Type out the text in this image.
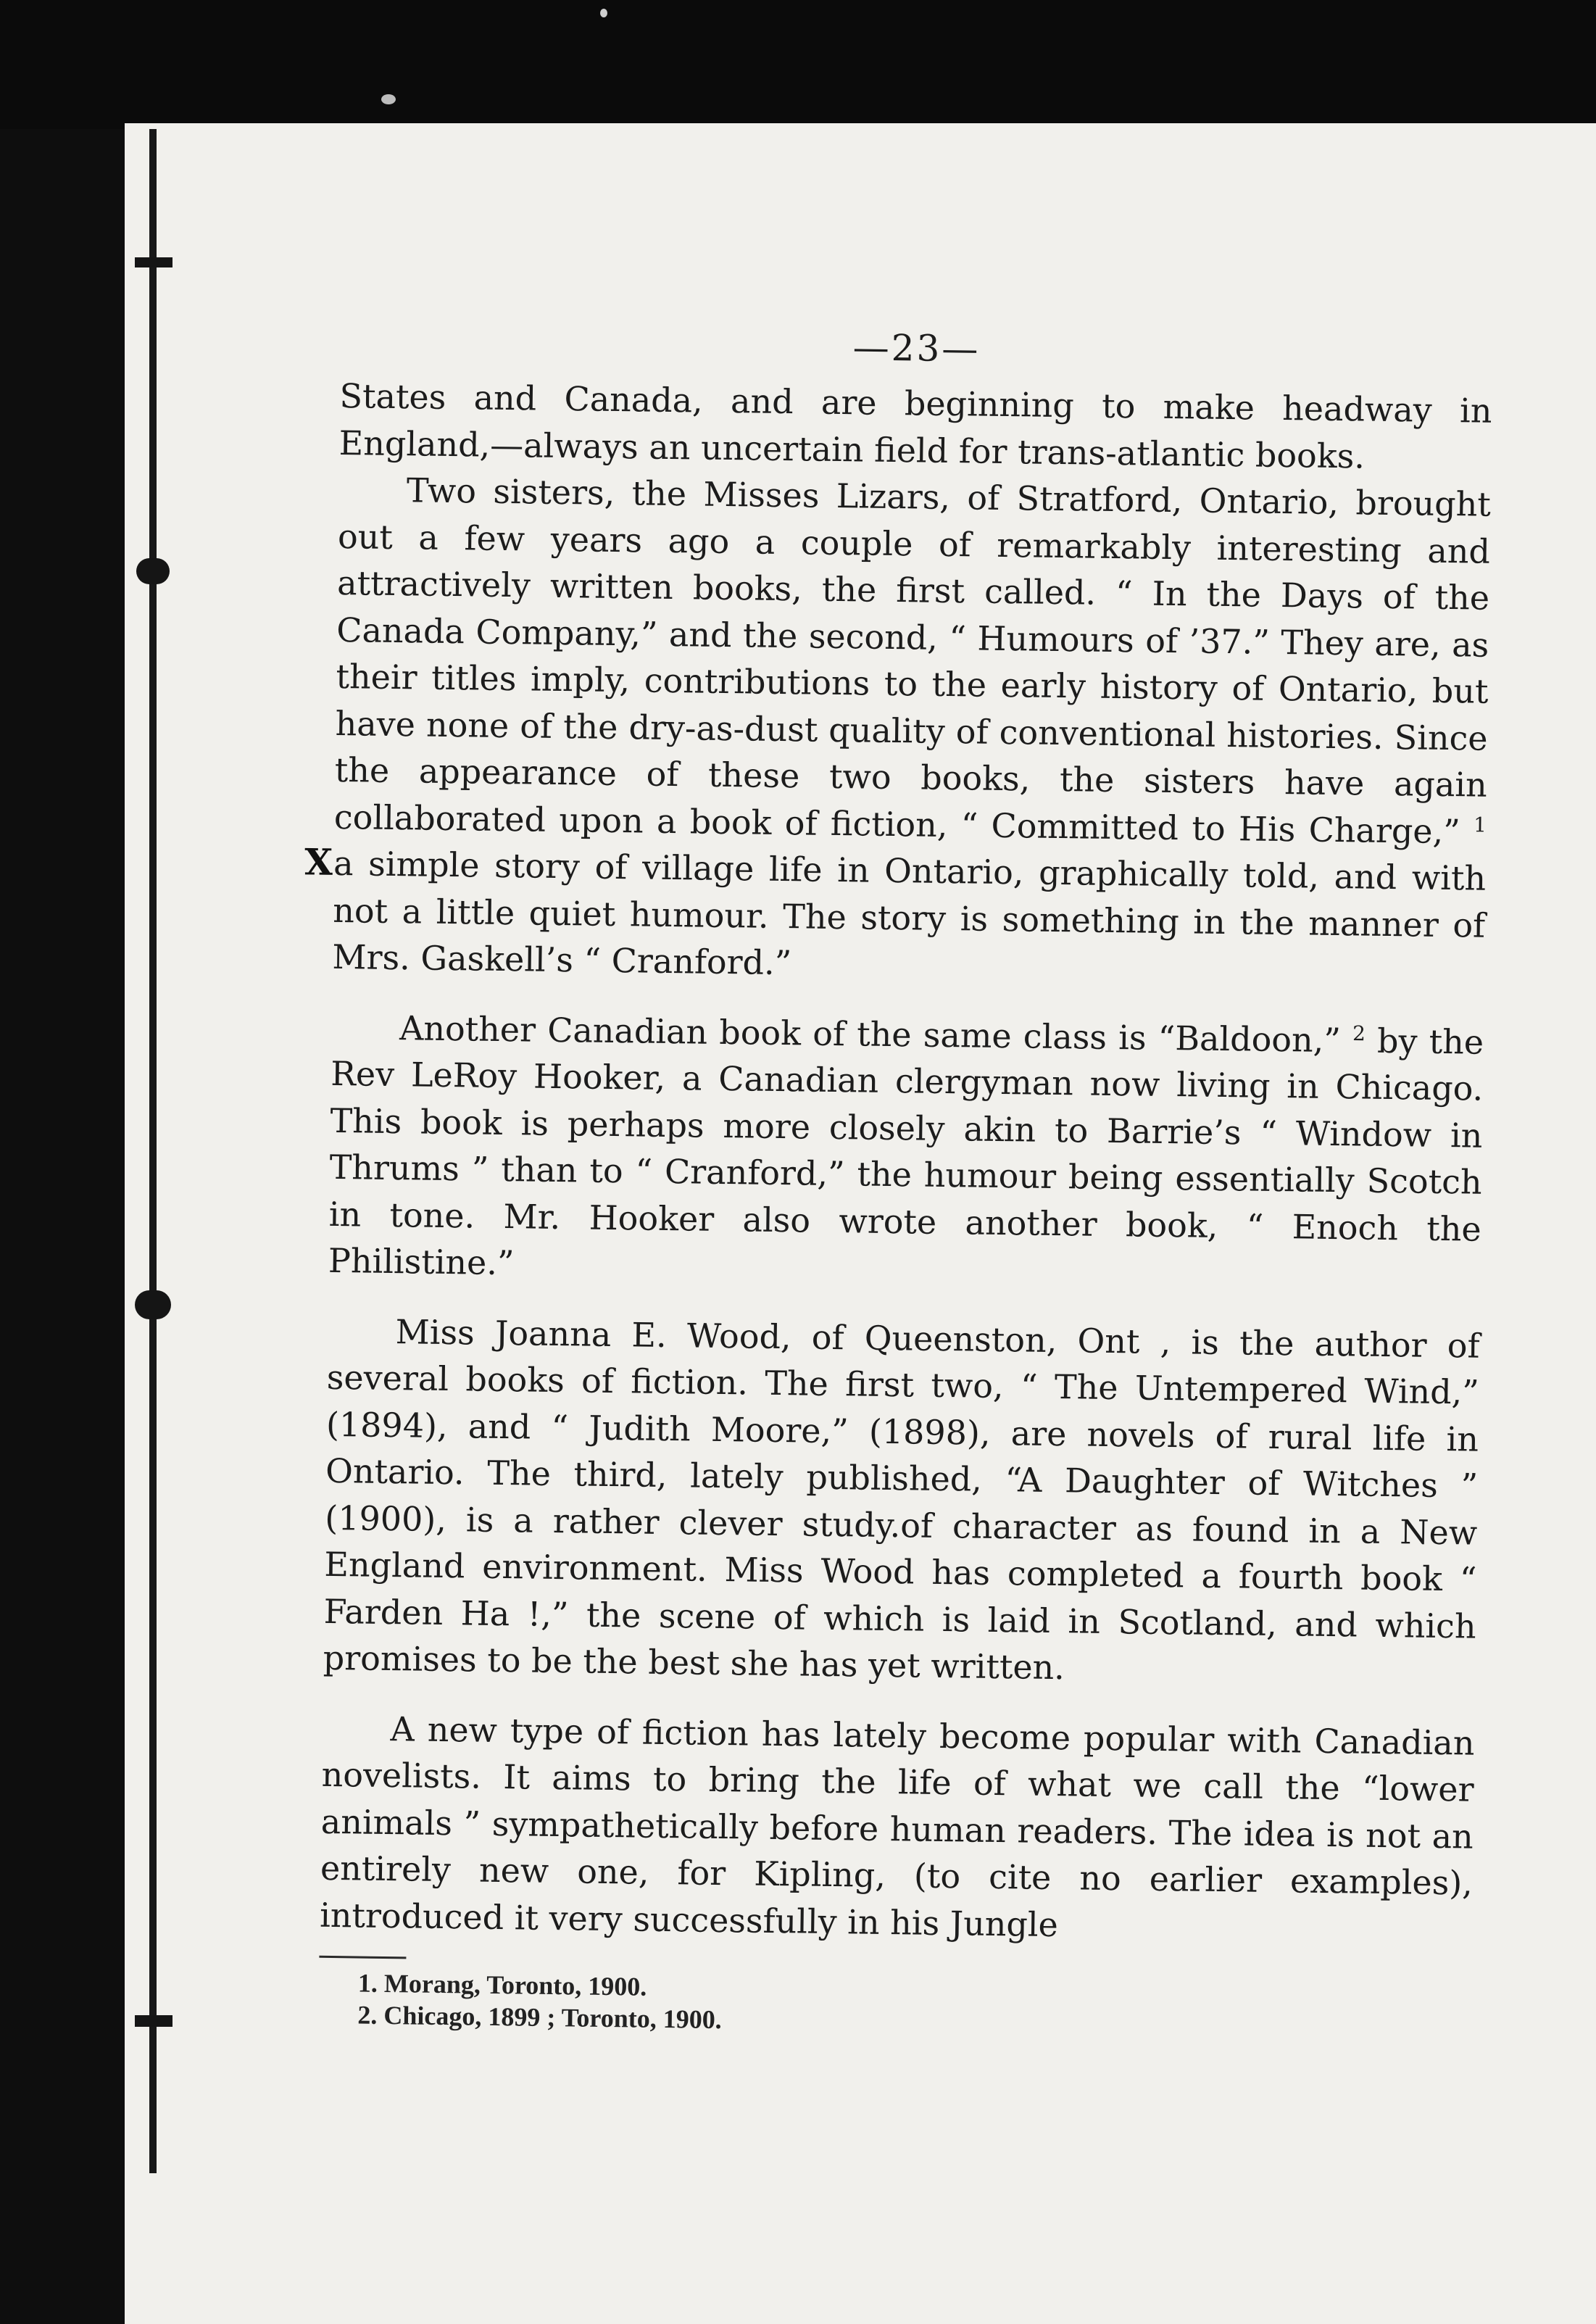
—23—
X

States and Canada, and are beginning to make headway in England,—always an uncertain field for trans-atlantic books.

Two sisters, the Misses Lizars, of Stratford, Ontario, brought out a few years ago a couple of remarkably interesting and attractively written books, the first called. “ In the Days of the Canada Company,” and the second, “ Humours of ’37.” They are, as their titles imply, contributions to the early history of Ontario, but have none of the dry-as-dust quality of conventional histories. Since the appearance of these two books, the sisters have again collaborated upon a book of fiction, “ Committed to His Charge,” $^1$ a simple story of village life in Ontario, graphically told, and with not a little quiet humour. The story is something in the manner of Mrs. Gaskell’s “ Cranford.”

Another Canadian book of the same class is “Baldoon,” $^2$ by the Rev LeRoy Hooker, a Canadian clergyman now living in Chicago. This book is perhaps more closely akin to Barrie’s “ Window in Thrums ” than to “ Cranford,” the humour being essentially Scotch in tone. Mr. Hooker also wrote another book, “ Enoch the Philistine.”

Miss Joanna E. Wood, of Queenston, Ont , is the author of several books of fiction. The first two, “ The Untempered Wind,” (1894), and “ Judith Moore,” (1898), are novels of rural life in Ontario. The third, lately published, “A Daughter of Witches ” (1900), is a rather clever study.of character as found in a New England environment. Miss Wood has completed a fourth book “ Farden Ha !,” the scene of which is laid in Scotland, and which promises to be the best she has yet written.

A new type of fiction has lately become popular with Canadian novelists. It aims to bring the life of what we call the “lower animals ” sympathetically before human readers. The idea is not an entirely new one, for Kipling, (to cite no earlier examples), introduced it very successfully in his Jungle

1. Morang, Toronto, 1900.

2. Chicago, 1899 ; Toronto, 1900.
